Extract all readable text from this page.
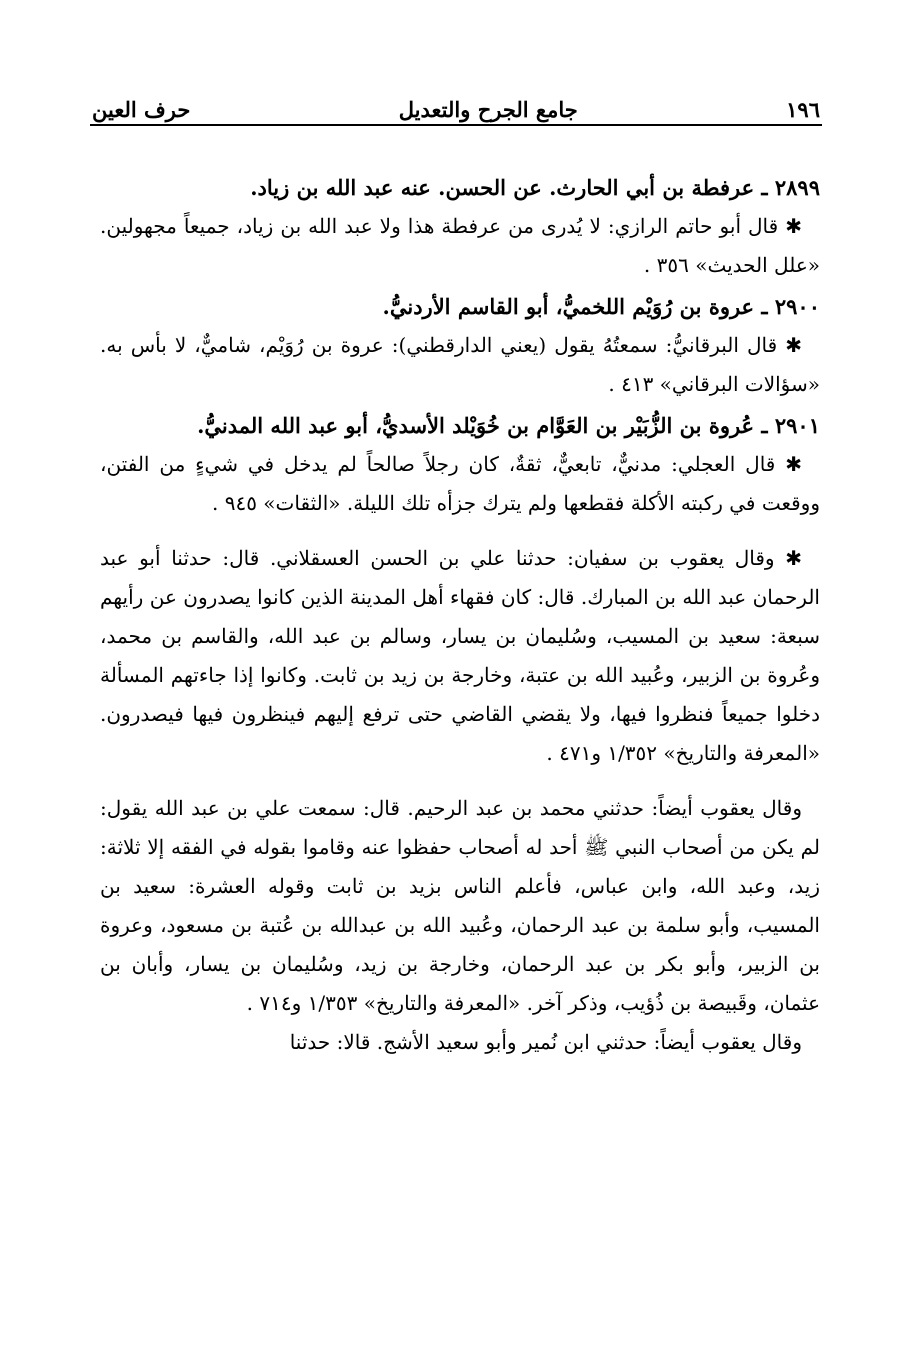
١٩٦
جامع الجرح والتعديل
حرف العين

٢٨٩٩ ـ عرفطة بن أبي الحارث. عن الحسن. عنه عبد الله بن زياد.

✱ قال أبو حاتم الرازي: لا يُدرى من عرفطة هذا ولا عبد الله بن زياد، جميعاً مجهولين. «علل الحديث» ٣٥٦ .

٢٩٠٠ ـ عروة بن رُوَيْم اللخميُّ، أبو القاسم الأردنيُّ.

✱ قال البرقانيُّ: سمعتُهُ يقول (يعني الدارقطني): عروة بن رُوَيْم، شاميٌّ، لا بأس به. «سؤالات البرقاني» ٤١٣ .

٢٩٠١ ـ عُروة بن الزُّبَيْر بن العَوَّام بن خُوَيْلد الأسديُّ، أبو عبد الله المدنيُّ.

✱ قال العجلي: مدنيٌّ، تابعيٌّ، ثقةٌ، كان رجلاً صالحاً لم يدخل في شيءٍ من الفتن، ووقعت في ركبته الأكلة فقطعها ولم يترك جزأه تلك الليلة. «الثقات» ٩٤٥ .

✱ وقال يعقوب بن سفيان: حدثنا علي بن الحسن العسقلاني. قال: حدثنا أبو عبد الرحمان عبد الله بن المبارك. قال: كان فقهاء أهل المدينة الذين كانوا يصدرون عن رأيهم سبعة: سعيد بن المسيب، وسُليمان بن يسار، وسالم بن عبد الله، والقاسم بن محمد، وعُروة بن الزبير، وعُبيد الله بن عتبة، وخارجة بن زيد بن ثابت. وكانوا إذا جاءتهم المسألة دخلوا جميعاً فنظروا فيها، ولا يقضي القاضي حتى ترفع إليهم فينظرون فيها فيصدرون. «المعرفة والتاريخ» ١/٣٥٢ و٤٧١ .

وقال يعقوب أيضاً: حدثني محمد بن عبد الرحيم. قال: سمعت علي بن عبد الله يقول: لم يكن من أصحاب النبي ﷺ أحد له أصحاب حفظوا عنه وقاموا بقوله في الفقه إلا ثلاثة: زيد، وعبد الله، وابن عباس، فأعلم الناس بزيد بن ثابت وقوله العشرة: سعيد بن المسيب، وأبو سلمة بن عبد الرحمان، وعُبيد الله بن عبدالله بن عُتبة بن مسعود، وعروة بن الزبير، وأبو بكر بن عبد الرحمان، وخارجة بن زيد، وسُليمان بن يسار، وأبان بن عثمان، وقَبيصة بن ذُؤيب، وذكر آخر. «المعرفة والتاريخ» ١/٣٥٣ و٧١٤ .

وقال يعقوب أيضاً: حدثني ابن نُمير وأبو سعيد الأشج. قالا: حدثنا
